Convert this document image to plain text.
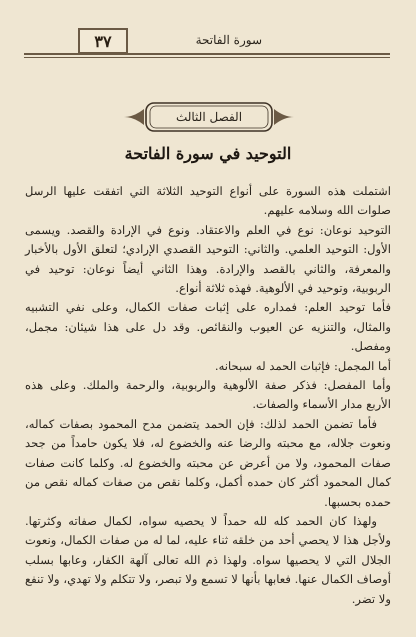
٣٧	سورة الفاتحة
الفصل الثالث
التوحيد في سورة الفاتحة

اشتملت هذه السورة على أنواع التوحيد الثلاثة التي اتفقت عليها الرسل صلوات الله وسلامه عليهم.

التوحيد نوعان: نوع في العلم والاعتقاد. ونوع في الإرادة والقصد. ويسمى الأول: التوحيد العلمي. والثاني: التوحيد القصدي الإرادي؛ لتعلق الأول بالأخبار والمعرفة، والثاني بالقصد والإرادة. وهذا الثاني أيضاً نوعان: توحيد في الربوبية، وتوحيد في الألوهية. فهذه ثلاثة أنواع.

فأما توحيد العلم: فمداره على إثبات صفات الكمال، وعلى نفي التشبيه والمثال، والتنزيه عن العيوب والنقائص. وقد دل على هذا شيئان: مجمل، ومفصل.

أما المجمل: فإثبات الحمد له سبحانه.

وأما المفصل: فذكر صفة الألوهية والربوبية، والرحمة والملك. وعلى هذه الأربع مدار الأسماء والصفات.

فأما تضمن الحمد لذلك: فإن الحمد يتضمن مدح المحمود بصفات كماله، ونعوت جلاله، مع محبته والرضا عنه والخضوع له، فلا يكون حامداً من جحد صفات المحمود، ولا من أعرض عن محبته والخضوع له. وكلما كانت صفات كمال المحمود أكثر كان حمده أكمل، وكلما نقص من صفات كماله نقص من حمده بحسبها.

ولهذا كان الحمد كله لله حمداً لا يحصيه سواه، لكمال صفاته وكثرتها. ولأجل هذا لا يحصي أحد من خلقه ثناء عليه، لما له من صفات الكمال، ونعوت الجلال التي لا يحصيها سواه. ولهذا ذم الله تعالى آلهة الكفار، وعابها بسلب أوصاف الكمال عنها. فعابها بأنها لا تسمع ولا تبصر، ولا تتكلم ولا تهدي، ولا تنفع ولا تضر.
